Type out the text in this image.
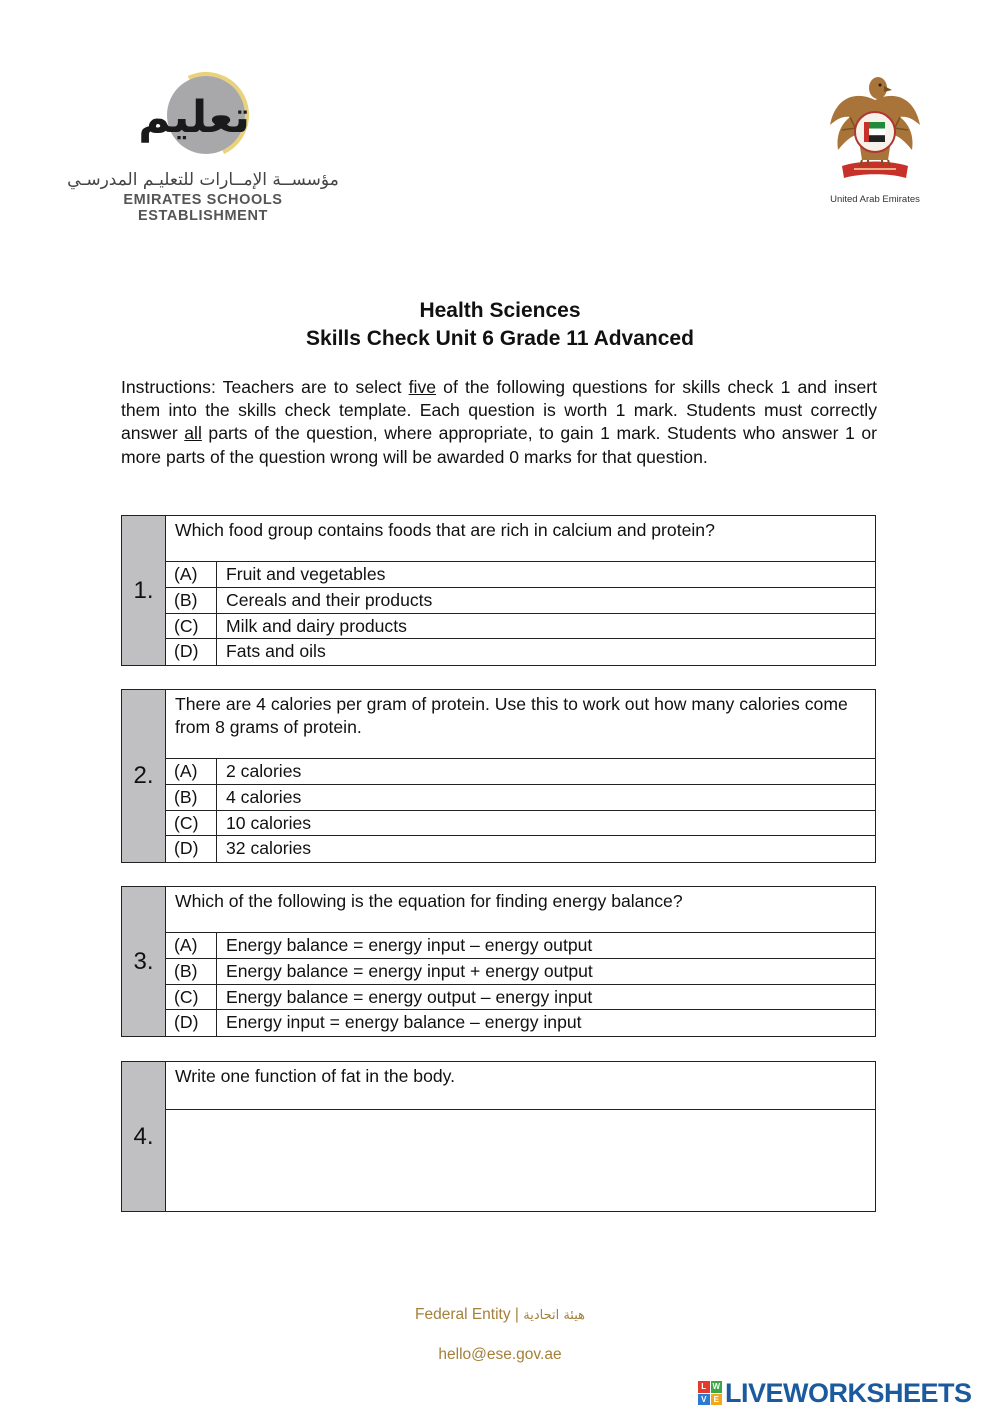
تعليم
مؤسســة الإمــارات للتعليـم المدرسـي
EMIRATES SCHOOLS ESTABLISHMENT
United Arab Emirates
Health Sciences
Skills Check Unit 6 Grade 11 Advanced
Instructions: Teachers are to select five of the following questions for skills check 1 and insert them into the skills check template. Each question is worth 1 mark. Students must correctly answer all parts of the question, where appropriate, to gain 1 mark. Students who answer 1 or more parts of the question wrong will be awarded 0 marks for that question.
1.
Which food group contains foods that are rich in calcium and protein?
(A)	Fruit and vegetables
(B)	Cereals and their products
(C)	Milk and dairy products
(D)	Fats and oils
2.
There are 4 calories per gram of protein. Use this to work out how many calories come from 8 grams of protein.
(A)	2 calories
(B)	4 calories
(C)	10 calories
(D)	32 calories
3.
Which of the following is the equation for finding energy balance?
(A)	Energy balance = energy input – energy output
(B)	Energy balance = energy input + energy output
(C)	Energy balance = energy output – energy input
(D)	Energy input = energy balance – energy input
4.
Write one function of fat in the body.
Federal Entity | هيئة اتحادية
hello@ese.gov.ae
L W
V E LIVEWORKSHEETS
